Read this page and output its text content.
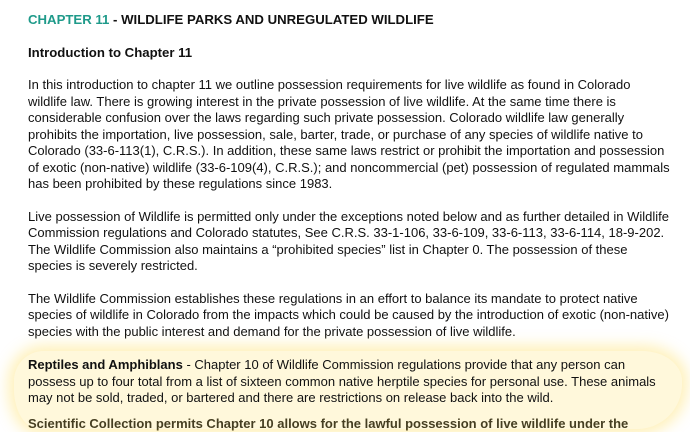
CHAPTER 11 - WILDLIFE PARKS AND UNREGULATED WILDLIFE
Introduction to Chapter 11

In this introduction to chapter 11 we outline possession requirements for live wildlife as found in Colorado wildlife law. There is growing interest in the private possession of live wildlife. At the same time there is considerable confusion over the laws regarding such private possession. Colorado wildlife law generally prohibits the importation, live possession, sale, barter, trade, or purchase of any species of wildlife native to Colorado (33-6-113(1), C.R.S.). In addition, these same laws restrict or prohibit the importation and possession of exotic (non-native) wildlife (33-6-109(4), C.R.S.); and noncommercial (pet) possession of regulated mammals has been prohibited by these regulations since 1983.

Live possession of Wildlife is permitted only under the exceptions noted below and as further detailed in Wildlife Commission regulations and Colorado statutes, See C.R.S. 33-1-106, 33-6-109, 33-6-113, 33-6-114, 18-9-202. The Wildlife Commission also maintains a “prohibited species” list in Chapter 0. The possession of these species is severely restricted.

The Wildlife Commission establishes these regulations in an effort to balance its mandate to protect native species of wildlife in Colorado from the impacts which could be caused by the introduction of exotic (non-native) species with the public interest and demand for the private possession of live wildlife.

Reptiles and Amphiblans - Chapter 10 of Wildlife Commission regulations provide that any person can possess up to four total from a list of sixteen common native herptile species for personal use. These animals may not be sold, traded, or bartered and there are restrictions on release back into the wild.

Scientific Collection permits Chapter 10 allows for the lawful possession of live wildlife under the
